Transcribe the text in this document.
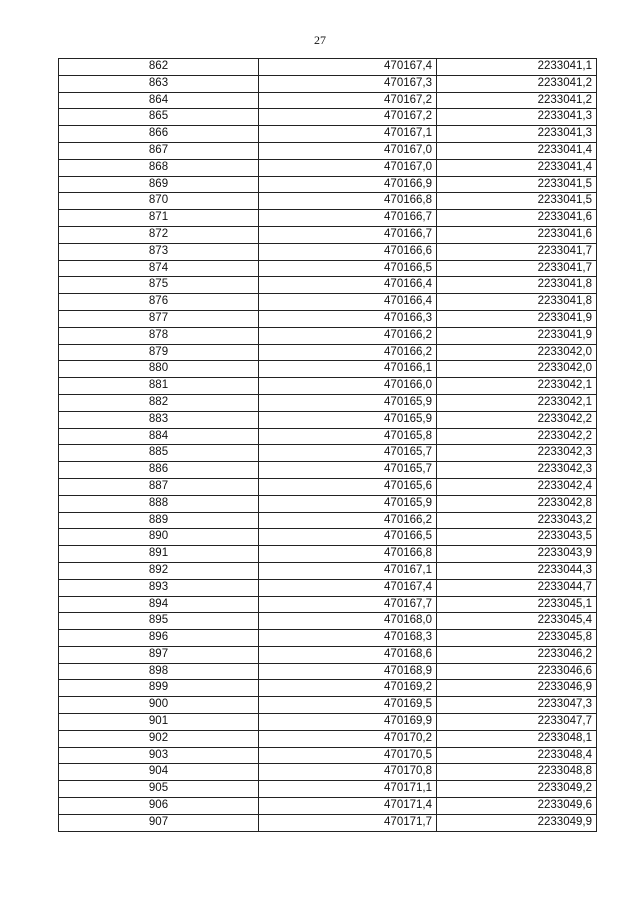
27
862	470167,4	2233041,1
863	470167,3	2233041,2
864	470167,2	2233041,2
865	470167,2	2233041,3
866	470167,1	2233041,3
867	470167,0	2233041,4
868	470167,0	2233041,4
869	470166,9	2233041,5
870	470166,8	2233041,5
871	470166,7	2233041,6
872	470166,7	2233041,6
873	470166,6	2233041,7
874	470166,5	2233041,7
875	470166,4	2233041,8
876	470166,4	2233041,8
877	470166,3	2233041,9
878	470166,2	2233041,9
879	470166,2	2233042,0
880	470166,1	2233042,0
881	470166,0	2233042,1
882	470165,9	2233042,1
883	470165,9	2233042,2
884	470165,8	2233042,2
885	470165,7	2233042,3
886	470165,7	2233042,3
887	470165,6	2233042,4
888	470165,9	2233042,8
889	470166,2	2233043,2
890	470166,5	2233043,5
891	470166,8	2233043,9
892	470167,1	2233044,3
893	470167,4	2233044,7
894	470167,7	2233045,1
895	470168,0	2233045,4
896	470168,3	2233045,8
897	470168,6	2233046,2
898	470168,9	2233046,6
899	470169,2	2233046,9
900	470169,5	2233047,3
901	470169,9	2233047,7
902	470170,2	2233048,1
903	470170,5	2233048,4
904	470170,8	2233048,8
905	470171,1	2233049,2
906	470171,4	2233049,6
907	470171,7	2233049,9
